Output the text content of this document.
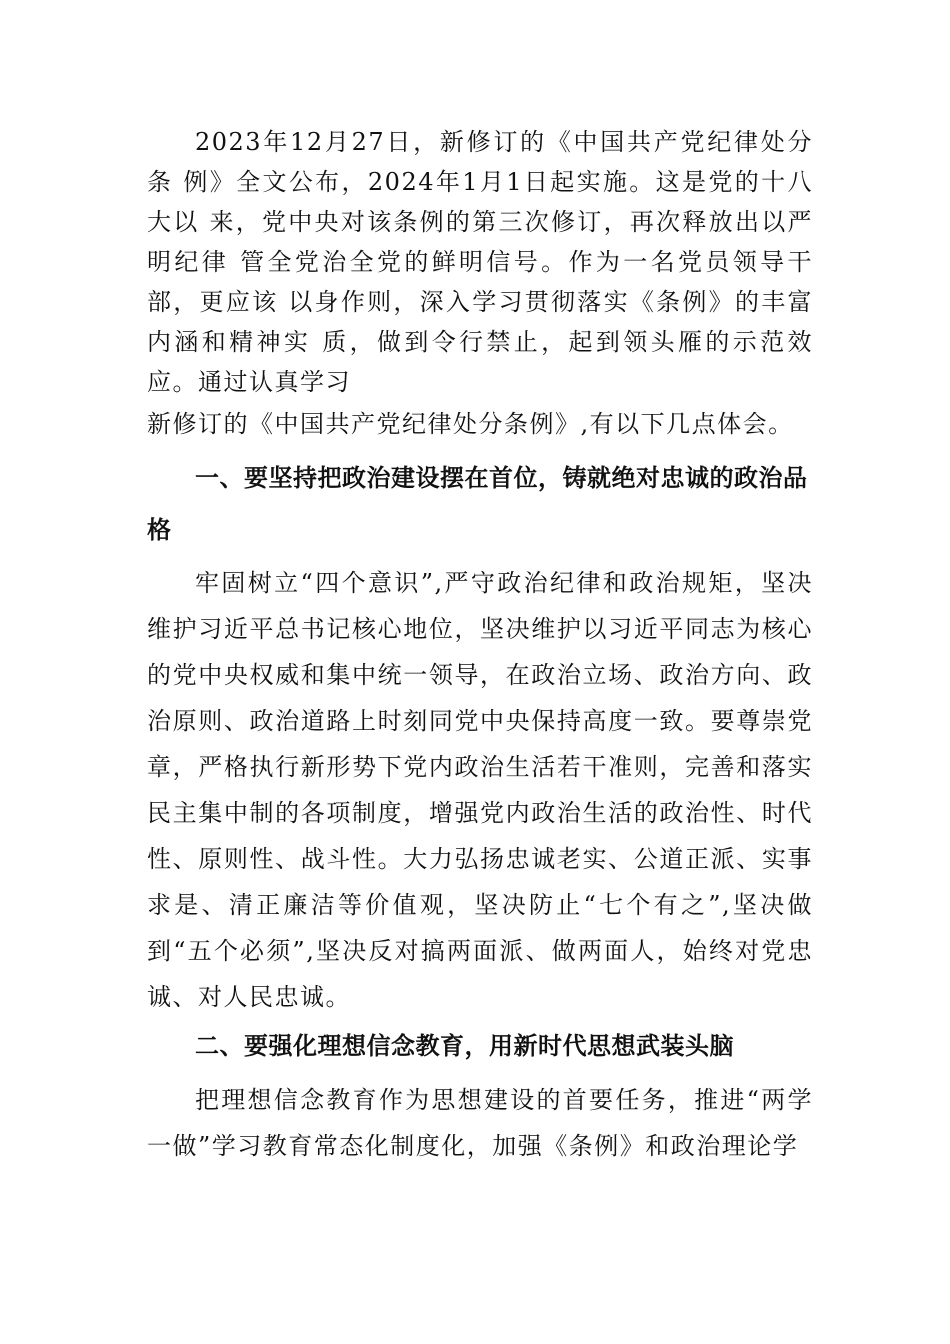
2023年12月27日，新修订的《中国共产党纪律处分条 例》全文公布，2024年1月1日起实施。这是党的十八大以 来，党中央对该条例的第三次修订，再次释放出以严明纪律 管全党治全党的鲜明信号。作为一名党员领导干部，更应该 以身作则，深入学习贯彻落实《条例》的丰富内涵和精神实 质，做到令行禁止，起到领头雁的示范效应。通过认真学习

新修订的《中国共产党纪律处分条例》,有以下几点体会。

一、要坚持把政治建设摆在首位，铸就绝对忠诚的政治品格

牢固树立“四个意识”,严守政治纪律和政治规矩，坚决维护习近平总书记核心地位，坚决维护以习近平同志为核心的党中央权威和集中统一领导，在政治立场、政治方向、政治原则、政治道路上时刻同党中央保持高度一致。要尊崇党章，严格执行新形势下党内政治生活若干准则，完善和落实民主集中制的各项制度，增强党内政治生活的政治性、时代性、原则性、战斗性。大力弘扬忠诚老实、公道正派、实事求是、清正廉洁等价值观，坚决防止“七个有之”,坚决做到“五个必须”,坚决反对搞两面派、做两面人，始终对党忠诚、对人民忠诚。

二、要强化理想信念教育，用新时代思想武装头脑

把理想信念教育作为思想建设的首要任务，推进“两学一做”学习教育常态化制度化，加强《条例》和政治理论学
